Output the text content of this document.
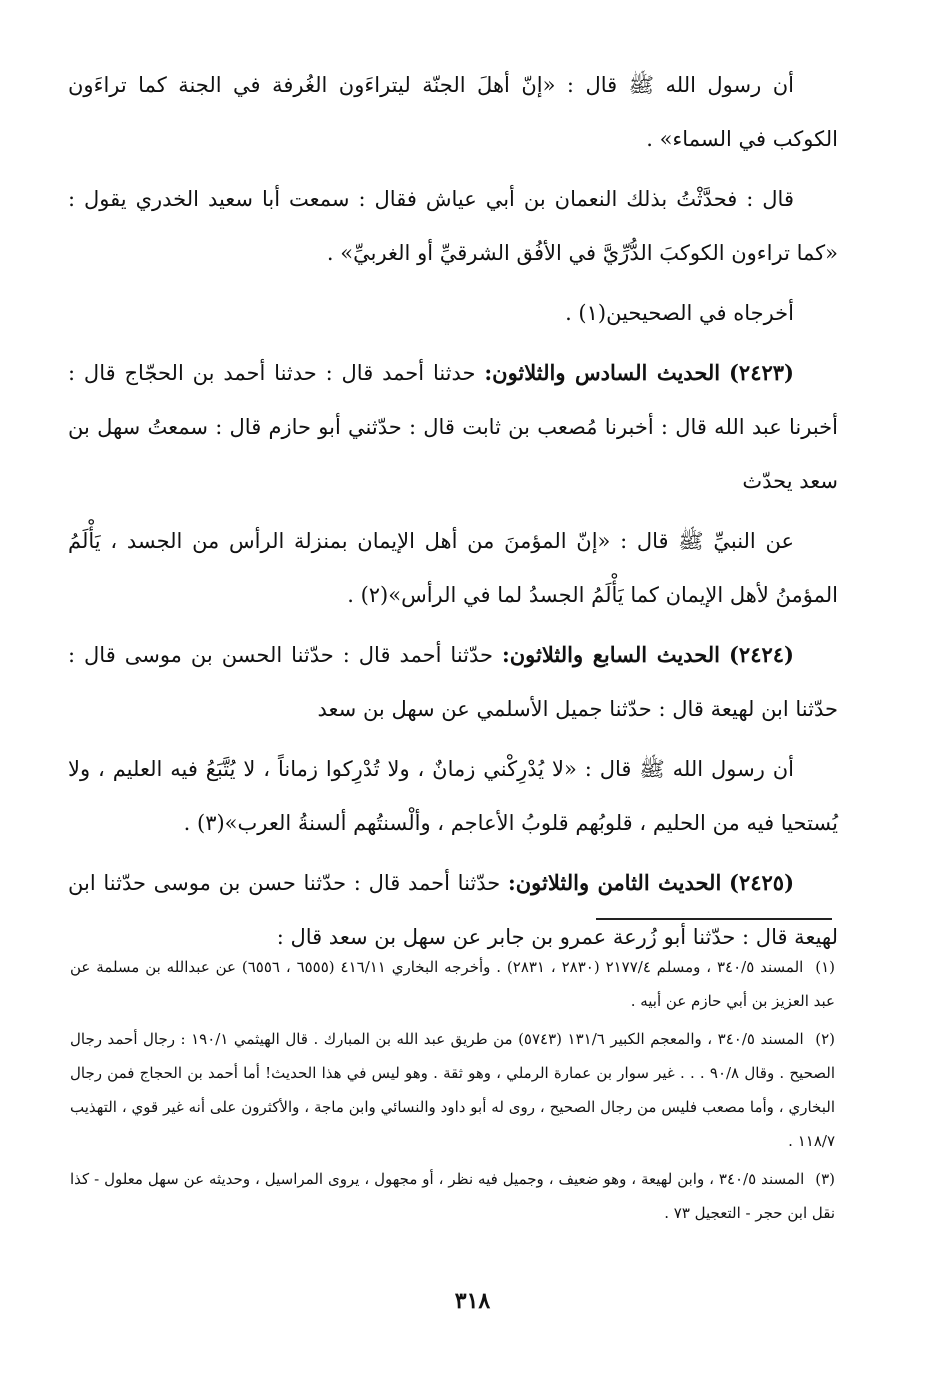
أن رسول الله ﷺ قال : «إنّ أهلَ الجنّة ليتراءَون الغُرفة في الجنة كما تراءَون الكوكب في السماء» .

قال : فحدَّثْتُ بذلك النعمان بن أبي عياش فقال : سمعت أبا سعيد الخدري يقول : «كما تراءون الكوكبَ الدُّرِّيَّ في الأفُق الشرقيِّ أو الغربيِّ» .

أخرجاه في الصحيحين(١) .

(٢٤٢٣) الحديث السادس والثلاثون: حدثنا أحمد قال : حدثنا أحمد بن الحجّاج قال : أخبرنا عبد الله قال : أخبرنا مُصعب بن ثابت قال : حدّثني أبو حازم قال : سمعتُ سهل بن سعد يحدّث

عن النبيِّ ﷺ قال : «إنّ المؤمنَ من أهل الإيمان بمنزلة الرأس من الجسد ، يَأْلَمُ المؤمنُ لأهل الإيمان كما يَأْلَمُ الجسدُ لما في الرأس»(٢) .

(٢٤٢٤) الحديث السابع والثلاثون: حدّثنا أحمد قال : حدّثنا الحسن بن موسى قال : حدّثنا ابن لهيعة قال : حدّثنا جميل الأسلمي عن سهل بن سعد

أن رسول الله ﷺ قال : «لا يُدْرِكْني زمانٌ ، ولا تُدْرِكوا زماناً ، لا يُتَّبَعُ فيه العليم ، ولا يُستحيا فيه من الحليم ، قلوبُهم قلوبُ الأعاجم ، وألْسنتُهم ألسنةُ العرب»(٣) .

(٢٤٢٥) الحديث الثامن والثلاثون: حدّثنا أحمد قال : حدّثنا حسن بن موسى حدّثنا ابن لهيعة قال : حدّثنا أبو زُرعة عمرو بن جابر عن سهل بن سعد قال :

(١) المسند ٣٤٠/٥ ، ومسلم ٢١٧٧/٤ (٢٨٣٠ ، ٢٨٣١) . وأخرجه البخاري ٤١٦/١١ (٦٥٥٥ ، ٦٥٥٦) عن عبدالله بن مسلمة عن عبد العزيز بن أبي حازم عن أبيه .

(٢) المسند ٣٤٠/٥ ، والمعجم الكبير ١٣١/٦ (٥٧٤٣) من طريق عبد الله بن المبارك . قال الهيثمي ١٩٠/١ : رجال أحمد رجال الصحيح . وقال ٩٠/٨ . . . غير سوار بن عمارة الرملي ، وهو ثقة . وهو ليس في هذا الحديث! أما أحمد بن الحجاج فمن رجال البخاري ، وأما مصعب فليس من رجال الصحيح ، روى له أبو داود والنسائي وابن ماجة ، والأكثرون على أنه غير قوي ، التهذيب ١١٨/٧ .

(٣) المسند ٣٤٠/٥ ، وابن لهيعة ، وهو ضعيف ، وجميل فيه نظر ، أو مجهول ، يروى المراسيل ، وحديثه عن سهل معلول - كذا نقل ابن حجر - التعجيل ٧٣ .

٣١٨
